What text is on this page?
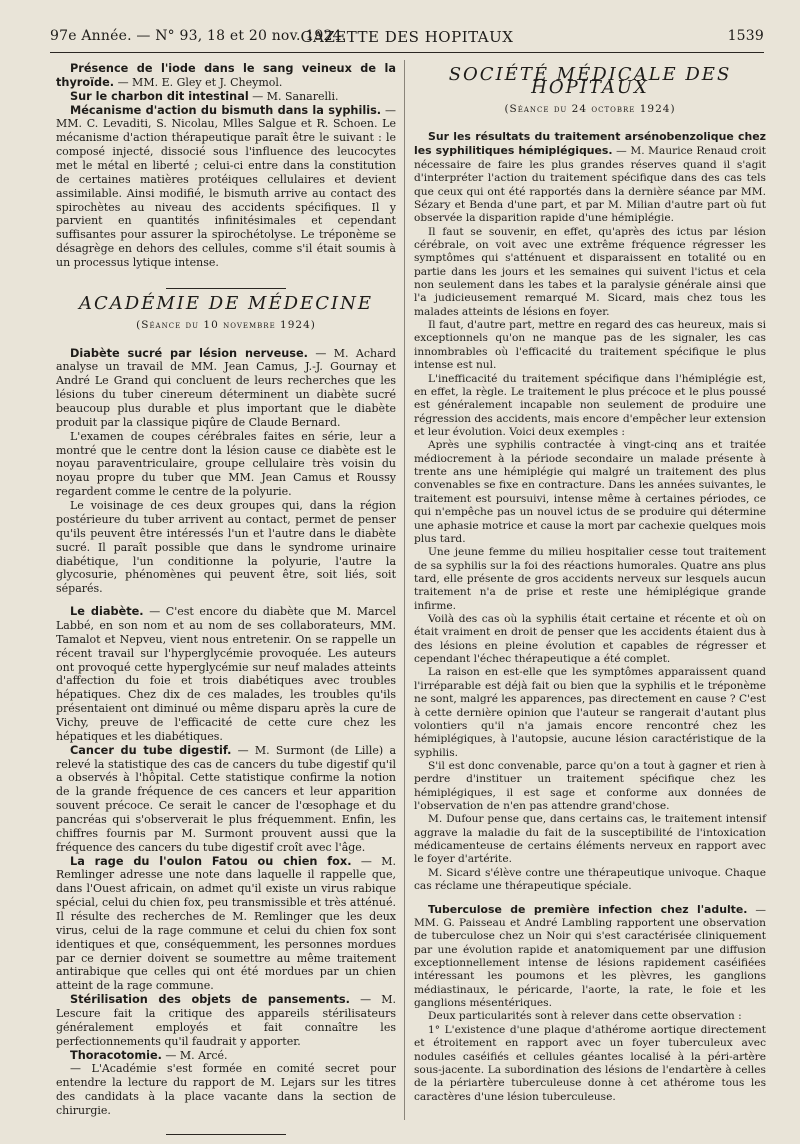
97e Année. — N° 93, 18 et 20 nov. 1924.
GAZETTE DES HOPITAUX	1539

Présence de l'iode dans le sang veineux de la thyroïde. — MM. E. Gley et J. Cheymol.

Sur le charbon dit intestinal — M. Sanarelli.

Mécanisme d'action du bismuth dans la syphilis. — MM. C. Levaditi, S. Nicolau, Mlles Salgue et R. Schoen. Le mécanisme d'action thérapeutique paraît être le suivant : le composé injecté, dissocié sous l'influence des leucocytes met le métal en liberté ; celui-ci entre dans la constitution de certaines matières protéiques cellulaires et devient assimilable. Ainsi modifié, le bismuth arrive au contact des spirochètes au niveau des accidents spécifiques. Il y parvient en quantités infinitésimales et cependant suffisantes pour assurer la spirochétolyse. Le tréponème se désagrège en dehors des cellules, comme s'il était soumis à un processus lytique intense.

ACADÉMIE DE MÉDECINE
(Séance du 10 novembre 1924)

Diabète sucré par lésion nerveuse. — M. Achard analyse un travail de MM. Jean Camus, J.-J. Gournay et André Le Grand qui concluent de leurs recherches que les lésions du tuber cinereum déterminent un diabète sucré beaucoup plus durable et plus important que le diabète produit par la classique piqûre de Claude Bernard.

L'examen de coupes cérébrales faites en série, leur a montré que le centre dont la lésion cause ce diabète est le noyau paraventriculaire, groupe cellulaire très voisin du noyau propre du tuber que MM. Jean Camus et Roussy regardent comme le centre de la polyurie.

Le voisinage de ces deux groupes qui, dans la région postérieure du tuber arrivent au contact, permet de penser qu'ils peuvent être intéressés l'un et l'autre dans le diabète sucré. Il paraît possible que dans le syndrome urinaire diabétique, l'un conditionne la polyurie, l'autre la glycosurie, phénomènes qui peuvent être, soit liés, soit séparés.

Le diabète. — C'est encore du diabète que M. Marcel Labbé, en son nom et au nom de ses collaborateurs, MM. Tamalot et Nepveu, vient nous entretenir. On se rappelle un récent travail sur l'hyperglycémie provoquée. Les auteurs ont provoqué cette hyperglycémie sur neuf malades atteints d'affection du foie et trois diabétiques avec troubles hépatiques. Chez dix de ces malades, les troubles qu'ils présentaient ont diminué ou même disparu après la cure de Vichy, preuve de l'efficacité de cette cure chez les hépatiques et les diabétiques.

Cancer du tube digestif. — M. Surmont (de Lille) a relevé la statistique des cas de cancers du tube digestif qu'il a observés à l'hôpital. Cette statistique confirme la notion de la grande fréquence de ces cancers et leur apparition souvent précoce. Ce serait le cancer de l'œsophage et du pancréas qui s'observerait le plus fréquemment. Enfin, les chiffres fournis par M. Surmont prouvent aussi que la fréquence des cancers du tube digestif croît avec l'âge.

La rage du l'oulon Fatou ou chien fox. — M. Remlinger adresse une note dans laquelle il rappelle que, dans l'Ouest africain, on admet qu'il existe un virus rabique spécial, celui du chien fox, peu transmissible et très atténué. Il résulte des recherches de M. Remlinger que les deux virus, celui de la rage commune et celui du chien fox sont identiques et que, conséquemment, les personnes mordues par ce dernier doivent se soumettre au même traitement antirabique que celles qui ont été mordues par un chien atteint de la rage commune.

Stérilisation des objets de pansements. — M. Lescure fait la critique des appareils stérilisateurs généralement employés et fait connaître les perfectionnements qu'il faudrait y apporter.

Thoracotomie. — M. Arcé.

— L'Académie s'est formée en comité secret pour entendre la lecture du rapport de M. Lejars sur les titres des candidats à la place vacante dans la section de chirurgie.

SOCIÉTÉ MÉDICALE DES HOPITAUX
(Séance du 24 octobre 1924)

Sur les résultats du traitement arsénobenzolique chez les syphilitiques hémiplégiques. — M. Maurice Renaud croit nécessaire de faire les plus grandes réserves quand il s'agit d'interpréter l'action du traitement spécifique dans des cas tels que ceux qui ont été rapportés dans la dernière séance par MM. Sézary et Benda d'une part, et par M. Milian d'autre part où fut observée la disparition rapide d'une hémiplégie.

Il faut se souvenir, en effet, qu'après des ictus par lésion cérébrale, on voit avec une extrême fréquence régresser les symptômes qui s'atténuent et disparaissent en totalité ou en partie dans les jours et les semaines qui suivent l'ictus et cela non seulement dans les tabes et la paralysie générale ainsi que l'a judicieusement remarqué M. Sicard, mais chez tous les malades atteints de lésions en foyer.

Il faut, d'autre part, mettre en regard des cas heureux, mais si exceptionnels qu'on ne manque pas de les signaler, les cas innombrables où l'efficacité du traitement spécifique le plus intense est nul.

L'inefficacité du traitement spécifique dans l'hémiplégie est, en effet, la règle. Le traitement le plus précoce et le plus poussé est généralement incapable non seulement de produire une régression des accidents, mais encore d'empêcher leur extension et leur évolution. Voici deux exemples :

Après une syphilis contractée à vingt-cinq ans et traitée médiocrement à la période secondaire un malade présente à trente ans une hémiplégie qui malgré un traitement des plus convenables se fixe en contracture. Dans les années suivantes, le traitement est poursuivi, intense même à certaines périodes, ce qui n'empêche pas un nouvel ictus de se produire qui détermine une aphasie motrice et cause la mort par cachexie quelques mois plus tard.

Une jeune femme du milieu hospitalier cesse tout traitement de sa syphilis sur la foi des réactions humorales. Quatre ans plus tard, elle présente de gros accidents nerveux sur lesquels aucun traitement n'a de prise et reste une hémiplégique grande infirme.

Voilà des cas où la syphilis était certaine et récente et où on était vraiment en droit de penser que les accidents étaient dus à des lésions en pleine évolution et capables de régresser et cependant l'échec thérapeutique a été complet.

La raison en est-elle que les symptômes apparaissent quand l'irréparable est déjà fait ou bien que la syphilis et le tréponème ne sont, malgré les apparences, pas directement en cause ? C'est à cette dernière opinion que l'auteur se rangerait d'autant plus volontiers qu'il n'a jamais encore rencontré chez les hémiplégiques, à l'autopsie, aucune lésion caractéristique de la syphilis.

S'il est donc convenable, parce qu'on a tout à gagner et rien à perdre d'instituer un traitement spécifique chez les hémiplégiques, il est sage et conforme aux données de l'observation de n'en pas attendre grand'chose.

M. Dufour pense que, dans certains cas, le traitement intensif aggrave la maladie du fait de la susceptibilité de l'intoxication médicamenteuse de certains éléments nerveux en rapport avec le foyer d'artérite.

M. Sicard s'élève contre une thérapeutique univoque. Chaque cas réclame une thérapeutique spéciale.

Tuberculose de première infection chez l'adulte. — MM. G. Paisseau et André Lambling rapportent une observation de tuberculose chez un Noir qui s'est caractérisée cliniquement par une évolution rapide et anatomiquement par une diffusion exceptionnellement intense de lésions rapidement caséifiées intéressant les poumons et les plèvres, les ganglions médiastinaux, le péricarde, l'aorte, la rate, le foie et les ganglions mésentériques.

Deux particularités sont à relever dans cette observation :

1° L'existence d'une plaque d'athérome aortique directement et étroitement en rapport avec un foyer tuberculeux avec nodules caséifiés et cellules géantes localisé à la péri-artère sous-jacente. La subordination des lésions de l'endartère à celles de la périartère tuberculeuse donne à cet athérome tous les caractères d'une lésion tuberculeuse.
